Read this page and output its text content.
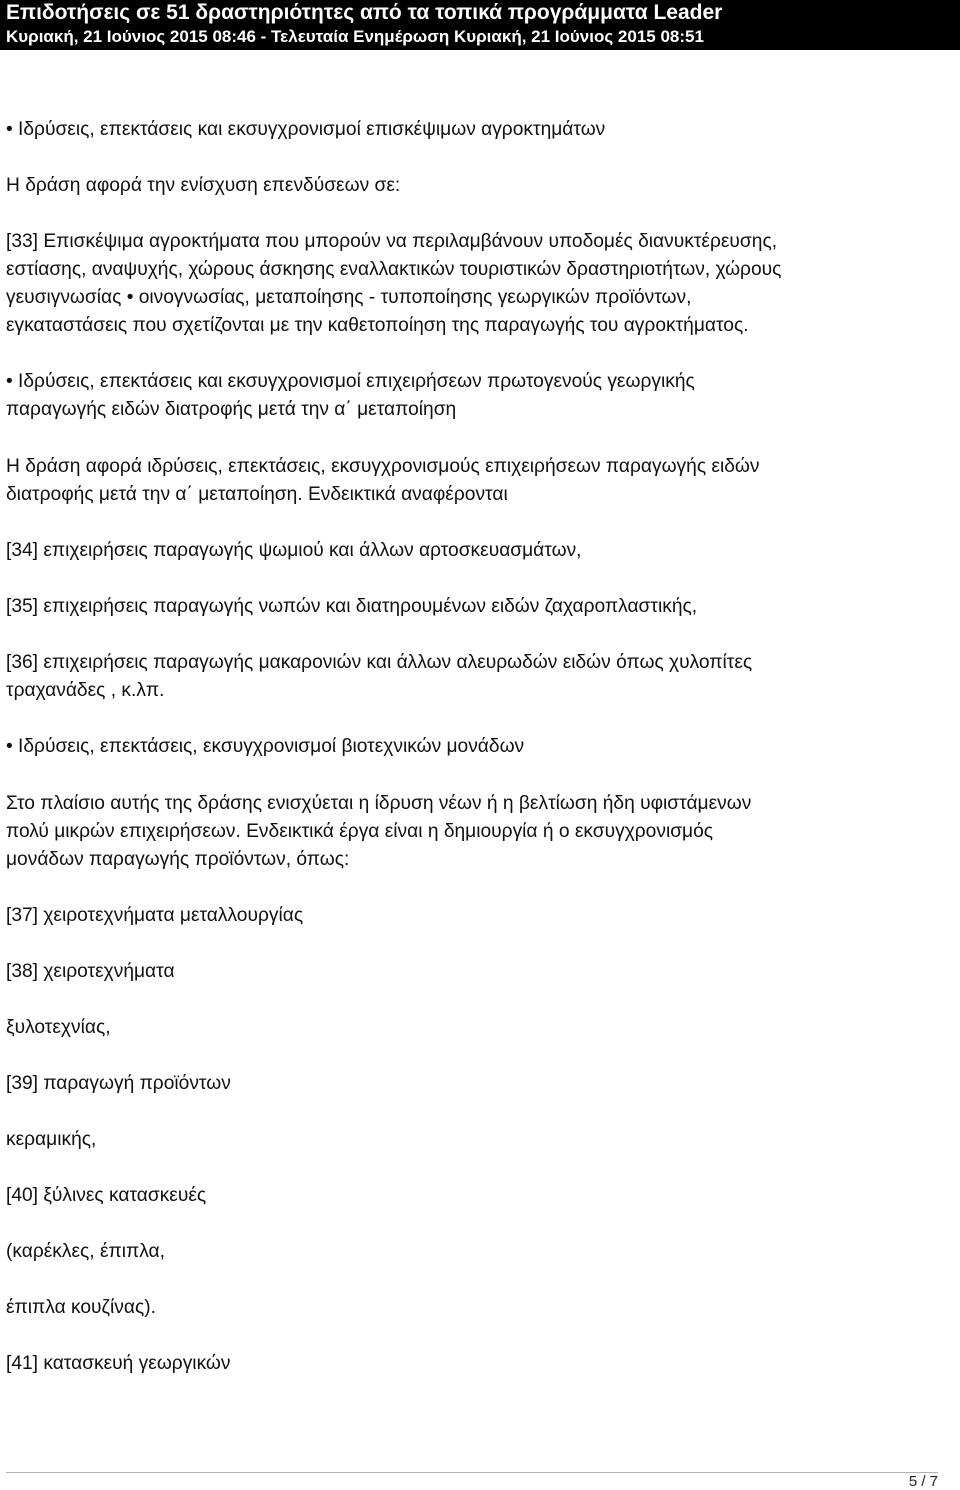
Επιδοτήσεις σε 51 δραστηριότητες από τα τοπικά προγράμματα Leader
Κυριακή, 21 Ιούνιος 2015 08:46 - Τελευταία Ενημέρωση Κυριακή, 21 Ιούνιος 2015 08:51
• Ιδρύσεις, επεκτάσεις και εκσυγχρονισμοί επισκέψιμων αγροκτημάτων
Η δράση αφορά την ενίσχυση επενδύσεων σε:
[33] Επισκέψιμα αγροκτήματα που μπορούν να περιλαμβάνουν υποδομές διανυκτέρευσης,
εστίασης, αναψυχής, χώρους άσκησης εναλλακτικών τουριστικών δραστηριοτήτων, χώρους
γευσιγνωσίας • οινογνωσίας, μεταποίησης - τυποποίησης γεωργικών προϊόντων,
εγκαταστάσεις που σχετίζονται με την καθετοποίηση της παραγωγής του αγροκτήματος.
• Ιδρύσεις, επεκτάσεις και εκσυγχρονισμοί επιχειρήσεων πρωτογενούς γεωργικής
παραγωγής ειδών διατροφής μετά την α΄ μεταποίηση
Η δράση αφορά ιδρύσεις, επεκτάσεις, εκσυγχρονισμούς επιχειρήσεων παραγωγής ειδών
διατροφής μετά την α΄ μεταποίηση. Ενδεικτικά αναφέρονται
[34] επιχειρήσεις παραγωγής ψωμιού και άλλων αρτοσκευασμάτων,
[35] επιχειρήσεις παραγωγής νωπών και διατηρουμένων ειδών ζαχαροπλαστικής,
[36] επιχειρήσεις παραγωγής μακαρονιών και άλλων αλευρωδών ειδών όπως χυλοπίτες
τραχανάδες , κ.λπ.
• Ιδρύσεις, επεκτάσεις, εκσυγχρονισμοί βιοτεχνικών μονάδων
Στο πλαίσιο αυτής της δράσης ενισχύεται η ίδρυση νέων ή η βελτίωση ήδη υφιστάμενων
πολύ μικρών επιχειρήσεων. Ενδεικτικά έργα είναι η δημιουργία ή ο εκσυγχρονισμός
μονάδων παραγωγής προϊόντων, όπως:
[37] χειροτεχνήματα μεταλλουργίας
[38] χειροτεχνήματα
ξυλοτεχνίας,
[39] παραγωγή προϊόντων
κεραμικής,
[40] ξύλινες κατασκευές
(καρέκλες, έπιπλα,
έπιπλα κουζίνας).
[41] κατασκευή γεωργικών
5 / 7
